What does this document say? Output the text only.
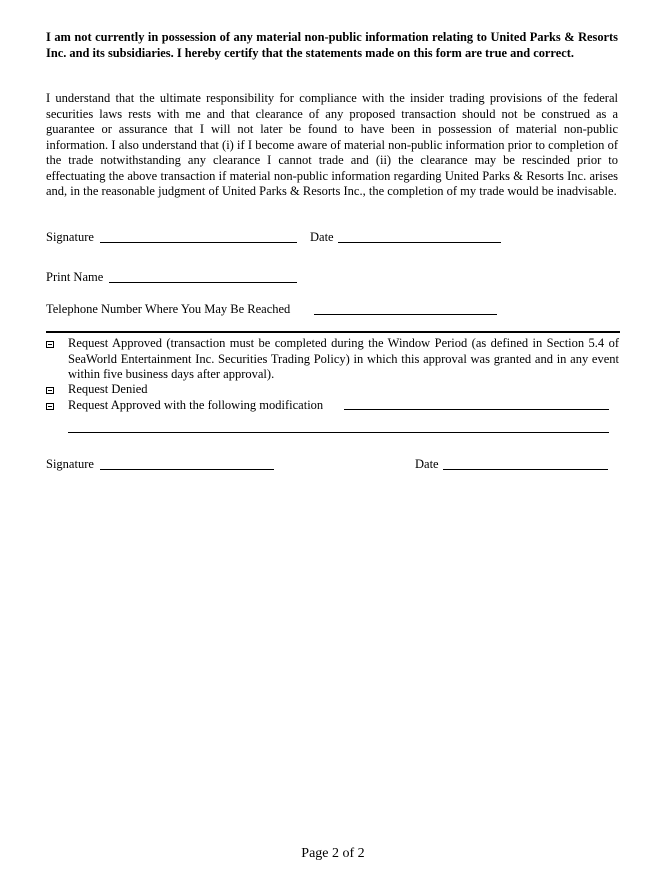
I am not currently in possession of any material non-public information relating to United Parks & Resorts Inc. and its subsidiaries. I hereby certify that the statements made on this form are true and correct.
I understand that the ultimate responsibility for compliance with the insider trading provisions of the federal securities laws rests with me and that clearance of any proposed transaction should not be construed as a guarantee or assurance that I will not later be found to have been in possession of material non-public information. I also understand that (i) if I become aware of material non-public information prior to completion of the trade notwithstanding any clearance I cannot trade and (ii) the clearance may be rescinded prior to effectuating the above transaction if material non-public information regarding United Parks & Resorts Inc. arises and, in the reasonable judgment of United Parks & Resorts Inc., the completion of my trade would be inadvisable.
Signature	Date
Print Name
Telephone Number Where You May Be Reached
Request Approved (transaction must be completed during the Window Period (as defined in Section 5.4 of SeaWorld Entertainment Inc. Securities Trading Policy) in which this approval was granted and in any event within five business days after approval).
Request Denied
Request Approved with the following modification
Signature	Date
Page 2 of 2
